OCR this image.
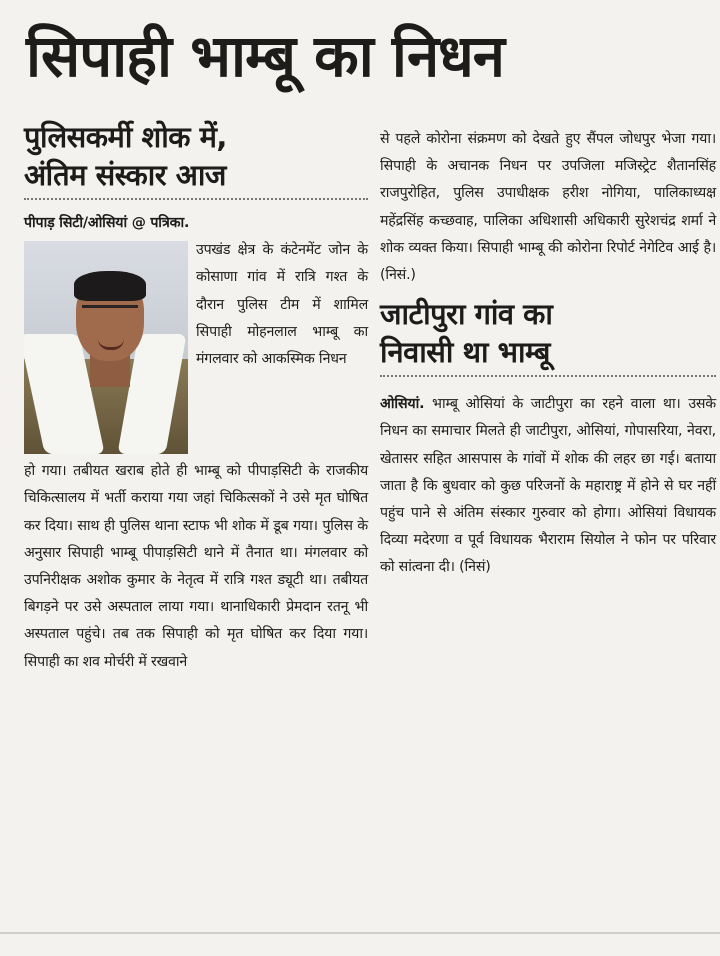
सिपाही भाम्बू का निधन
पुलिसकर्मी शोक में,
अंतिम संस्कार आज
पीपाड़ सिटी/ओसियां @ पत्रिका.
उपखंड क्षेत्र के कंटेनमेंट जोन के कोसाणा गांव में रात्रि गश्त के दौरान पुलिस टीम में शामिल सिपाही मोहनलाल भाम्बू का मंगलवार को आकस्मिक निधन
हो गया। तबीयत खराब होते ही भाम्बू को पीपाड़सिटी के राजकीय चिकित्सालय में भर्ती कराया गया जहां चिकित्सकों ने उसे मृत घोषित कर दिया। साथ ही पुलिस थाना स्टाफ भी शोक में डूब गया। पुलिस के अनुसार सिपाही भाम्बू पीपाड़सिटी थाने में तैनात था। मंगलवार को उपनिरीक्षक अशोक कुमार के नेतृत्व में रात्रि गश्त ड्यूटी था। तबीयत बिगड़ने पर उसे अस्पताल लाया गया। थानाधिकारी प्रेमदान रतनू भी अस्पताल पहुंचे। तब तक सिपाही को मृत घोषित कर दिया गया। सिपाही का शव मोर्चरी में रखवाने
से पहले कोरोना संक्रमण को देखते हुए सैंपल जोधपुर भेजा गया। सिपाही के अचानक निधन पर उपजिला मजिस्ट्रेट शैतानसिंह राजपुरोहित, पुलिस उपाधीक्षक हरीश नोगिया, पालिकाध्यक्ष महेंद्रसिंह कच्छवाह, पालिका अधिशासी अधिकारी सुरेशचंद्र शर्मा ने शोक व्यक्त किया। सिपाही भाम्बू की कोरोना रिपोर्ट नेगेटिव आई है। (निसं.)
जाटीपुरा गांव का
निवासी था भाम्बू
ओसियां. भाम्बू ओसियां के जाटीपुरा का रहने वाला था। उसके निधन का समाचार मिलते ही जाटीपुरा, ओसियां, गोपासरिया, नेवरा, खेतासर सहित आसपास के गांवों में शोक की लहर छा गई। बताया जाता है कि बुधवार को कुछ परिजनों के महाराष्ट्र में होने से घर नहीं पहुंच पाने से अंतिम संस्कार गुरुवार को होगा। ओसियां विधायक दिव्या मदेरणा व पूर्व विधायक भैराराम सियोल ने फोन पर परिवार को सांत्वना दी। (निसं)
